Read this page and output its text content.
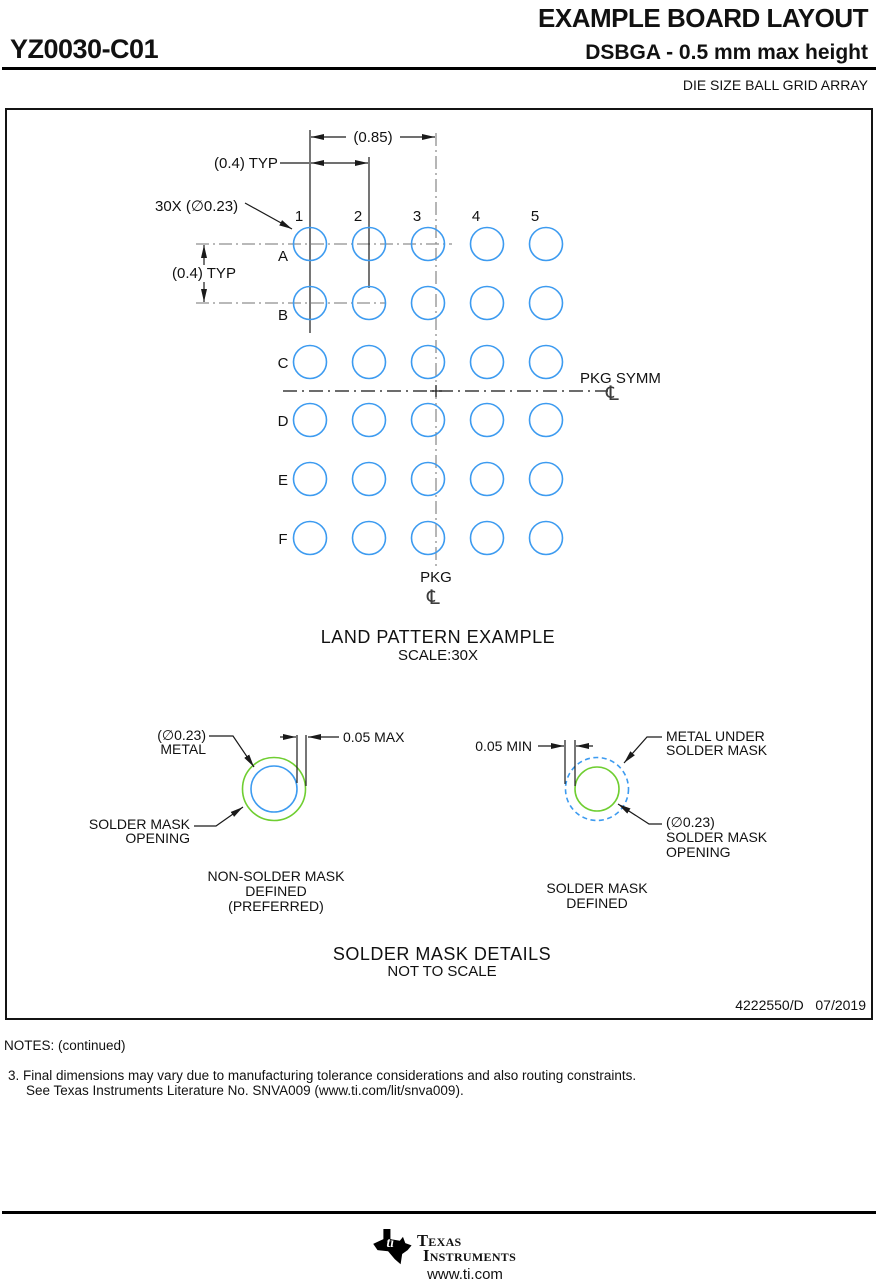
EXAMPLE BOARD LAYOUT
YZ0030-C01	DSBGA - 0.5 mm max height
DIE SIZE BALL GRID ARRAY
(0.85)
(0.4) TYP
30X (∅0.23)
(0.4) TYP
1	2	3	4	5
A
B
C
D
E
F
PKG SYMM
℄
PKG
℄
LAND PATTERN EXAMPLE
SCALE:30X
(∅0.23)
METAL
0.05 MAX
SOLDER MASK
OPENING
NON-SOLDER MASK
DEFINED
(PREFERRED)
0.05 MIN
METAL UNDER
SOLDER MASK
(∅0.23)
SOLDER MASK
OPENING
SOLDER MASK
DEFINED
SOLDER MASK DETAILS
NOT TO SCALE
4222550/D   07/2019
NOTES: (continued)
3. Final dimensions may vary due to manufacturing tolerance considerations and also routing constraints.
See Texas Instruments Literature No. SNVA009 (www.ti.com/lit/snva009).
ti Texas
Instruments
www.ti.com
